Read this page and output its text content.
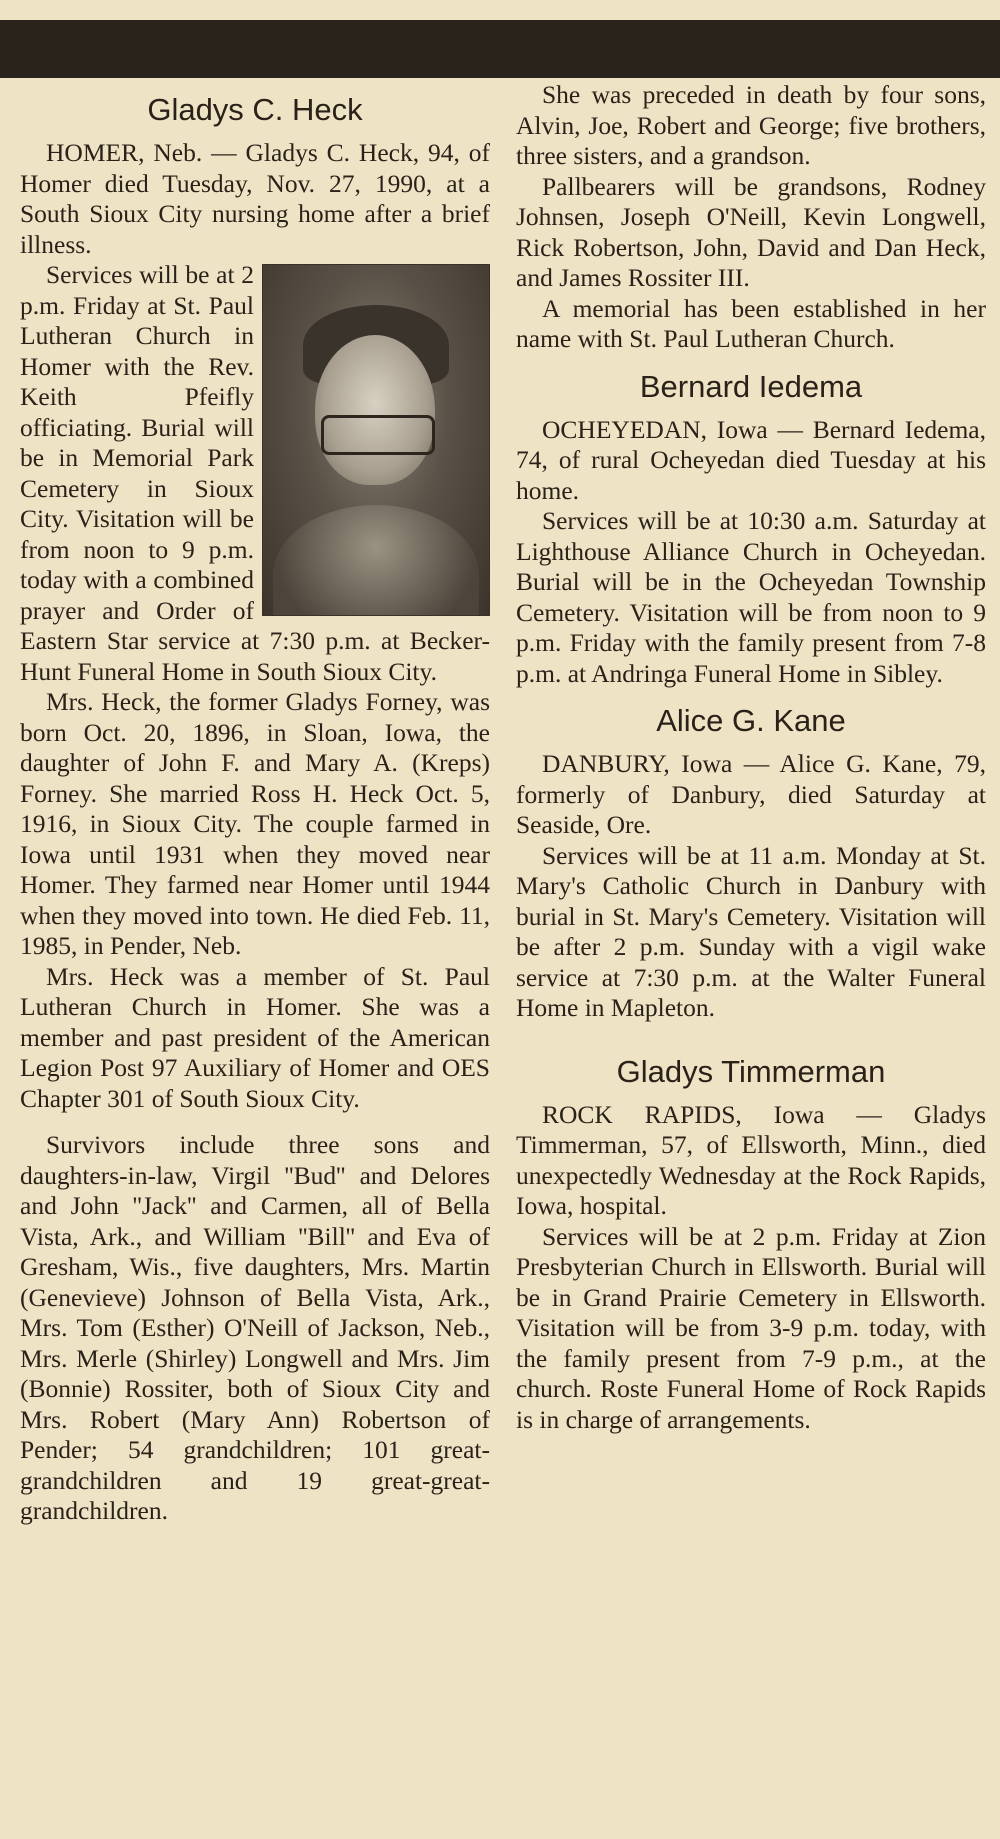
Gladys C. Heck

HOMER, Neb. — Gladys C. Heck, 94, of Homer died Tuesday, Nov. 27, 1990, at a South Sioux City nursing home after a brief illness.

Services will be at 2 p.m. Friday at St. Paul Lutheran Church in Homer with the Rev. Keith Pfeifly officiating. Burial will be in Memorial Park Cemetery in Sioux City. Visitation will be from noon to 9 p.m. today with a combined prayer and Order of Eastern Star service at 7:30 p.m. at Becker-Hunt Funeral Home in South Sioux City.

Mrs. Heck, the former Gladys Forney, was born Oct. 20, 1896, in Sloan, Iowa, the daughter of John F. and Mary A. (Kreps) Forney. She married Ross H. Heck Oct. 5, 1916, in Sioux City. The couple farmed in Iowa until 1931 when they moved near Homer. They farmed near Homer until 1944 when they moved into town. He died Feb. 11, 1985, in Pender, Neb.

Mrs. Heck was a member of St. Paul Lutheran Church in Homer. She was a member and past president of the American Legion Post 97 Auxiliary of Homer and OES Chapter 301 of South Sioux City.

Survivors include three sons and daughters-in-law, Virgil ''Bud'' and Delores and John ''Jack'' and Carmen, all of Bella Vista, Ark., and William ''Bill'' and Eva of Gresham, Wis., five daughters, Mrs. Martin (Genevieve) Johnson of Bella Vista, Ark., Mrs. Tom (Esther) O'Neill of Jackson, Neb., Mrs. Merle (Shirley) Longwell and Mrs. Jim (Bonnie) Rossiter, both of Sioux City and Mrs. Robert (Mary Ann) Robertson of Pender; 54 grandchildren; 101 great-grandchildren and 19 great-great-grandchildren.

She was preceded in death by four sons, Alvin, Joe, Robert and George; five brothers, three sisters, and a grandson.

Pallbearers will be grandsons, Rodney Johnsen, Joseph O'Neill, Kevin Longwell, Rick Robertson, John, David and Dan Heck, and James Rossiter III.

A memorial has been established in her name with St. Paul Lutheran Church.

Bernard Iedema

OCHEYEDAN, Iowa — Bernard Iedema, 74, of rural Ocheyedan died Tuesday at his home.

Services will be at 10:30 a.m. Saturday at Lighthouse Alliance Church in Ocheyedan. Burial will be in the Ocheyedan Township Cemetery. Visitation will be from noon to 9 p.m. Friday with the family present from 7-8 p.m. at Andringa Funeral Home in Sibley.

Alice G. Kane

DANBURY, Iowa — Alice G. Kane, 79, formerly of Danbury, died Saturday at Seaside, Ore.

Services will be at 11 a.m. Monday at St. Mary's Catholic Church in Danbury with burial in St. Mary's Cemetery. Visitation will be after 2 p.m. Sunday with a vigil wake service at 7:30 p.m. at the Walter Funeral Home in Mapleton.

Gladys Timmerman

ROCK RAPIDS, Iowa — Gladys Timmerman, 57, of Ellsworth, Minn., died unexpectedly Wednesday at the Rock Rapids, Iowa, hospital.

Services will be at 2 p.m. Friday at Zion Presbyterian Church in Ellsworth. Burial will be in Grand Prairie Cemetery in Ellsworth. Visitation will be from 3-9 p.m. today, with the family present from 7-9 p.m., at the church. Roste Funeral Home of Rock Rapids is in charge of arrangements.
